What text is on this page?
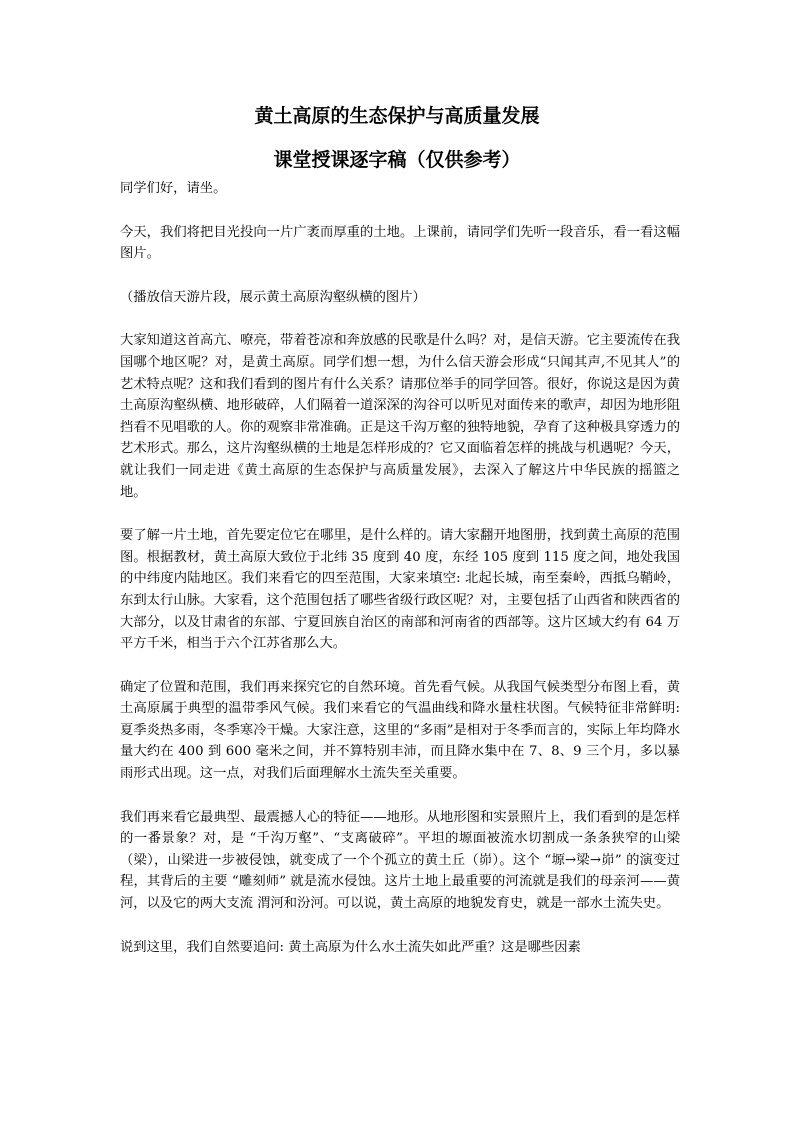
黄土高原的生态保护与高质量发展
课堂授课逐字稿（仅供参考）

同学们好，请坐。

今天，我们将把目光投向一片广袤而厚重的土地。上课前，请同学们先听一段音乐，看一看这幅图片。

（播放信天游片段，展示黄土高原沟壑纵横的图片）

大家知道这首高亢、嘹亮，带着苍凉和奔放感的民歌是什么吗？对，是信天游。它主要流传在我国哪个地区呢？对，是黄土高原。同学们想一想，为什么信天游会形成“只闻其声,不见其人”的艺术特点呢？这和我们看到的图片有什么关系？请那位举手的同学回答。很好，你说这是因为黄土高原沟壑纵横、地形破碎，人们隔着一道深深的沟谷可以听见对面传来的歌声，却因为地形阻挡看不见唱歌的人。你的观察非常准确。正是这千沟万壑的独特地貌，孕育了这种极具穿透力的艺术形式。那么，这片沟壑纵横的土地是怎样形成的？它又面临着怎样的挑战与机遇呢？今天，就让我们一同走进《黄土高原的生态保护与高质量发展》，去深入了解这片中华民族的摇篮之地。

要了解一片土地，首先要定位它在哪里，是什么样的。请大家翻开地图册，找到黄土高原的范围图。根据教材，黄土高原大致位于北纬 35 度到 40 度，东经 105 度到 115 度之间，地处我国的中纬度内陆地区。我们来看它的四至范围，大家来填空: 北起长城，南至秦岭，西抵乌鞘岭，东到太行山脉。大家看，这个范围包括了哪些省级行政区呢？对，主要包括了山西省和陕西省的大部分，以及甘肃省的东部、宁夏回族自治区的南部和河南省的西部等。这片区域大约有 64 万平方千米，相当于六个江苏省那么大。

确定了位置和范围，我们再来探究它的自然环境。首先看气候。从我国气候类型分布图上看，黄土高原属于典型的温带季风气候。我们来看它的气温曲线和降水量柱状图。气候特征非常鲜明: 夏季炎热多雨，冬季寒冷干燥。大家注意，这里的“多雨”是相对于冬季而言的，实际上年均降水量大约在 400 到 600 毫米之间，并不算特别丰沛，而且降水集中在 7、8、9 三个月，多以暴雨形式出现。这一点，对我们后面理解水土流失至关重要。

我们再来看它最典型、最震撼人心的特征——地形。从地形图和实景照片上，我们看到的是怎样的一番景象？对，是 “千沟万壑”、“支离破碎”。平坦的塬面被流水切割成一条条狭窄的山梁（梁），山梁进一步被侵蚀，就变成了一个个孤立的黄土丘（峁）。这个 “塬→梁→峁” 的演变过程，其背后的主要 “雕刻师” 就是流水侵蚀。这片土地上最重要的河流就是我们的母亲河——黄河，以及它的两大支流 渭河和汾河。可以说，黄土高原的地貌发育史，就是一部水土流失史。

说到这里，我们自然要追问: 黄土高原为什么水土流失如此严重？这是哪些因素
